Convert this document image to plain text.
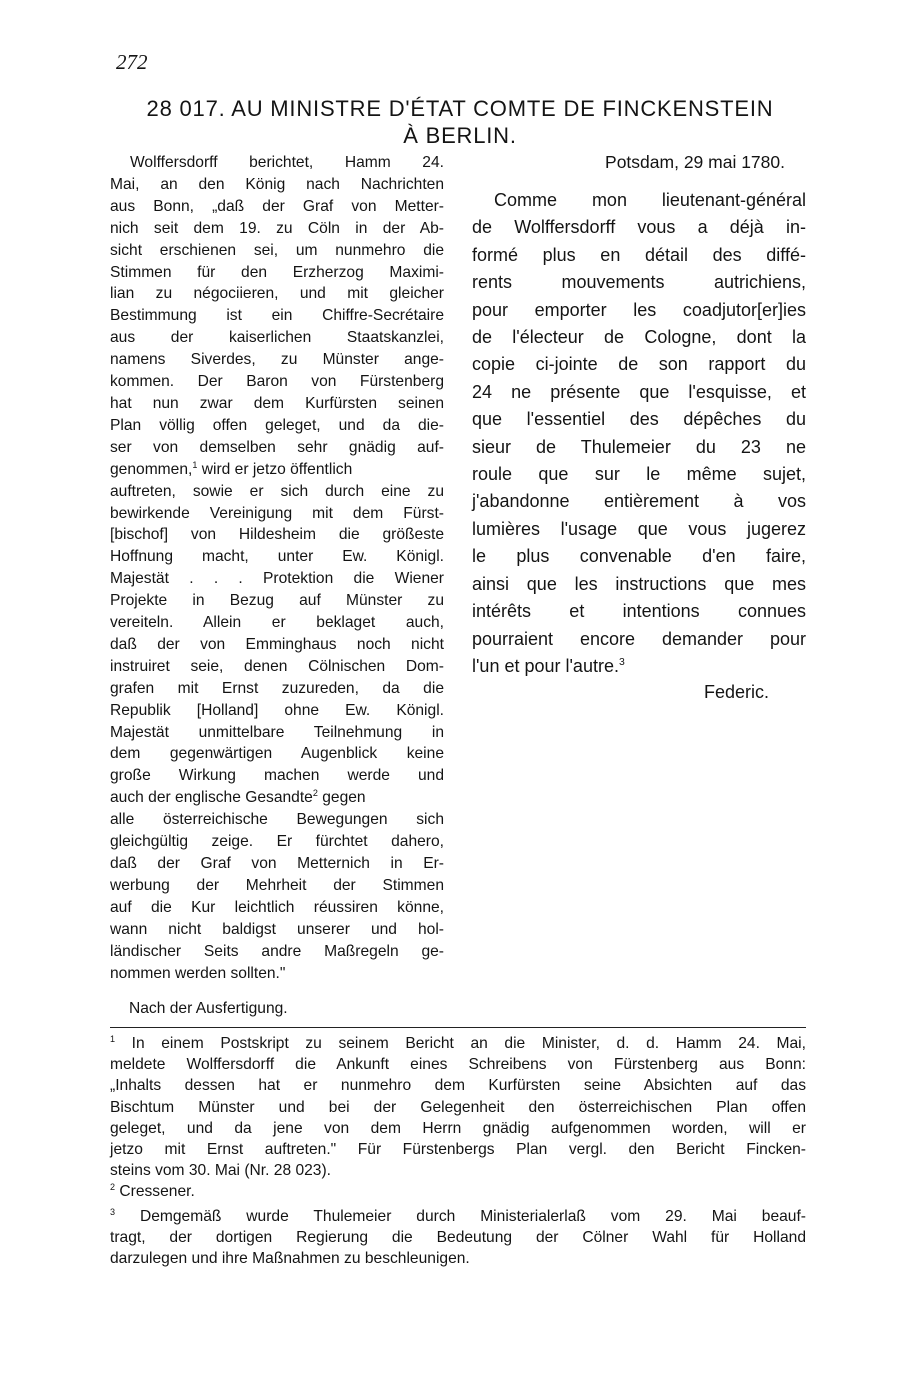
272
28 017. AU MINISTRE D'ÉTAT COMTE DE FINCKENSTEIN
À BERLIN.
Wolffersdorff berichtet, Hamm 24.
Mai, an den König nach Nachrichten
aus Bonn, „daß der Graf von Metter-
nich seit dem 19. zu Cöln in der Ab-
sicht erschienen sei, um nunmehro die
Stimmen für den Erzherzog Maximi-
lian zu négociieren, und mit gleicher
Bestimmung ist ein Chiffre-Secrétaire
aus der kaiserlichen Staatskanzlei,
namens Siverdes, zu Münster ange-
kommen. Der Baron von Fürstenberg
hat nun zwar dem Kurfürsten seinen
Plan völlig offen geleget, und da die-
ser von demselben sehr gnädig auf-
genommen,$^1$ wird er jetzo öffentlich
auftreten, sowie er sich durch eine zu
bewirkende Vereinigung mit dem Fürst-
[bischof] von Hildesheim die größeste
Hoffnung macht, unter Ew. Königl.
Majestät . . . Protektion die Wiener
Projekte in Bezug auf Münster zu
vereiteln. Allein er beklaget auch,
daß der von Emminghaus noch nicht
instruiret seie, denen Cölnischen Dom-
grafen mit Ernst zuzureden, da die
Republik [Holland] ohne Ew. Königl.
Majestät unmittelbare Teilnehmung in
dem gegenwärtigen Augenblick keine
große Wirkung machen werde und
auch der englische Gesandte$^2$ gegen
alle österreichische Bewegungen sich
gleichgültig zeige. Er fürchtet dahero,
daß der Graf von Metternich in Er-
werbung der Mehrheit der Stimmen
auf die Kur leichtlich réussiren könne,
wann nicht baldigst unserer und hol-
ländischer Seits andre Maßregeln ge-
nommen werden sollten."
Nach der Ausfertigung.
Potsdam, 29 mai 1780.
Comme mon lieutenant-général
de Wolffersdorff vous a déjà in-
formé plus en détail des diffé-
rents mouvements autrichiens,
pour emporter les coadjutor[er]ies
de l'électeur de Cologne, dont la
copie ci-jointe de son rapport du
24 ne présente que l'esquisse, et
que l'essentiel des dépêches du
sieur de Thulemeier du 23 ne
roule que sur le même sujet,
j'abandonne entièrement à vos
lumières l'usage que vous jugerez
le plus convenable d'en faire,
ainsi que les instructions que mes
intérêts et intentions connues
pourraient encore demander pour
l'un et pour l'autre.$^3$
Federic.
$^1$ In einem Postskript zu seinem Bericht an die Minister, d. d. Hamm 24. Mai,
meldete Wolffersdorff die Ankunft eines Schreibens von Fürstenberg aus Bonn:
„Inhalts dessen hat er nunmehro dem Kurfürsten seine Absichten auf das
Bischtum Münster und bei der Gelegenheit den österreichischen Plan offen
geleget, und da jene von dem Herrn gnädig aufgenommen worden, will er
jetzo mit Ernst auftreten." Für Fürstenbergs Plan vergl. den Bericht Fincken-
steins vom 30. Mai (Nr. 28 023).
$^2$ Cressener.
$^3$ Demgemäß wurde Thulemeier durch Ministerialerlaß vom 29. Mai beauf-
tragt, der dortigen Regierung die Bedeutung der Cölner Wahl für Holland
darzulegen und ihre Maßnahmen zu beschleunigen.
